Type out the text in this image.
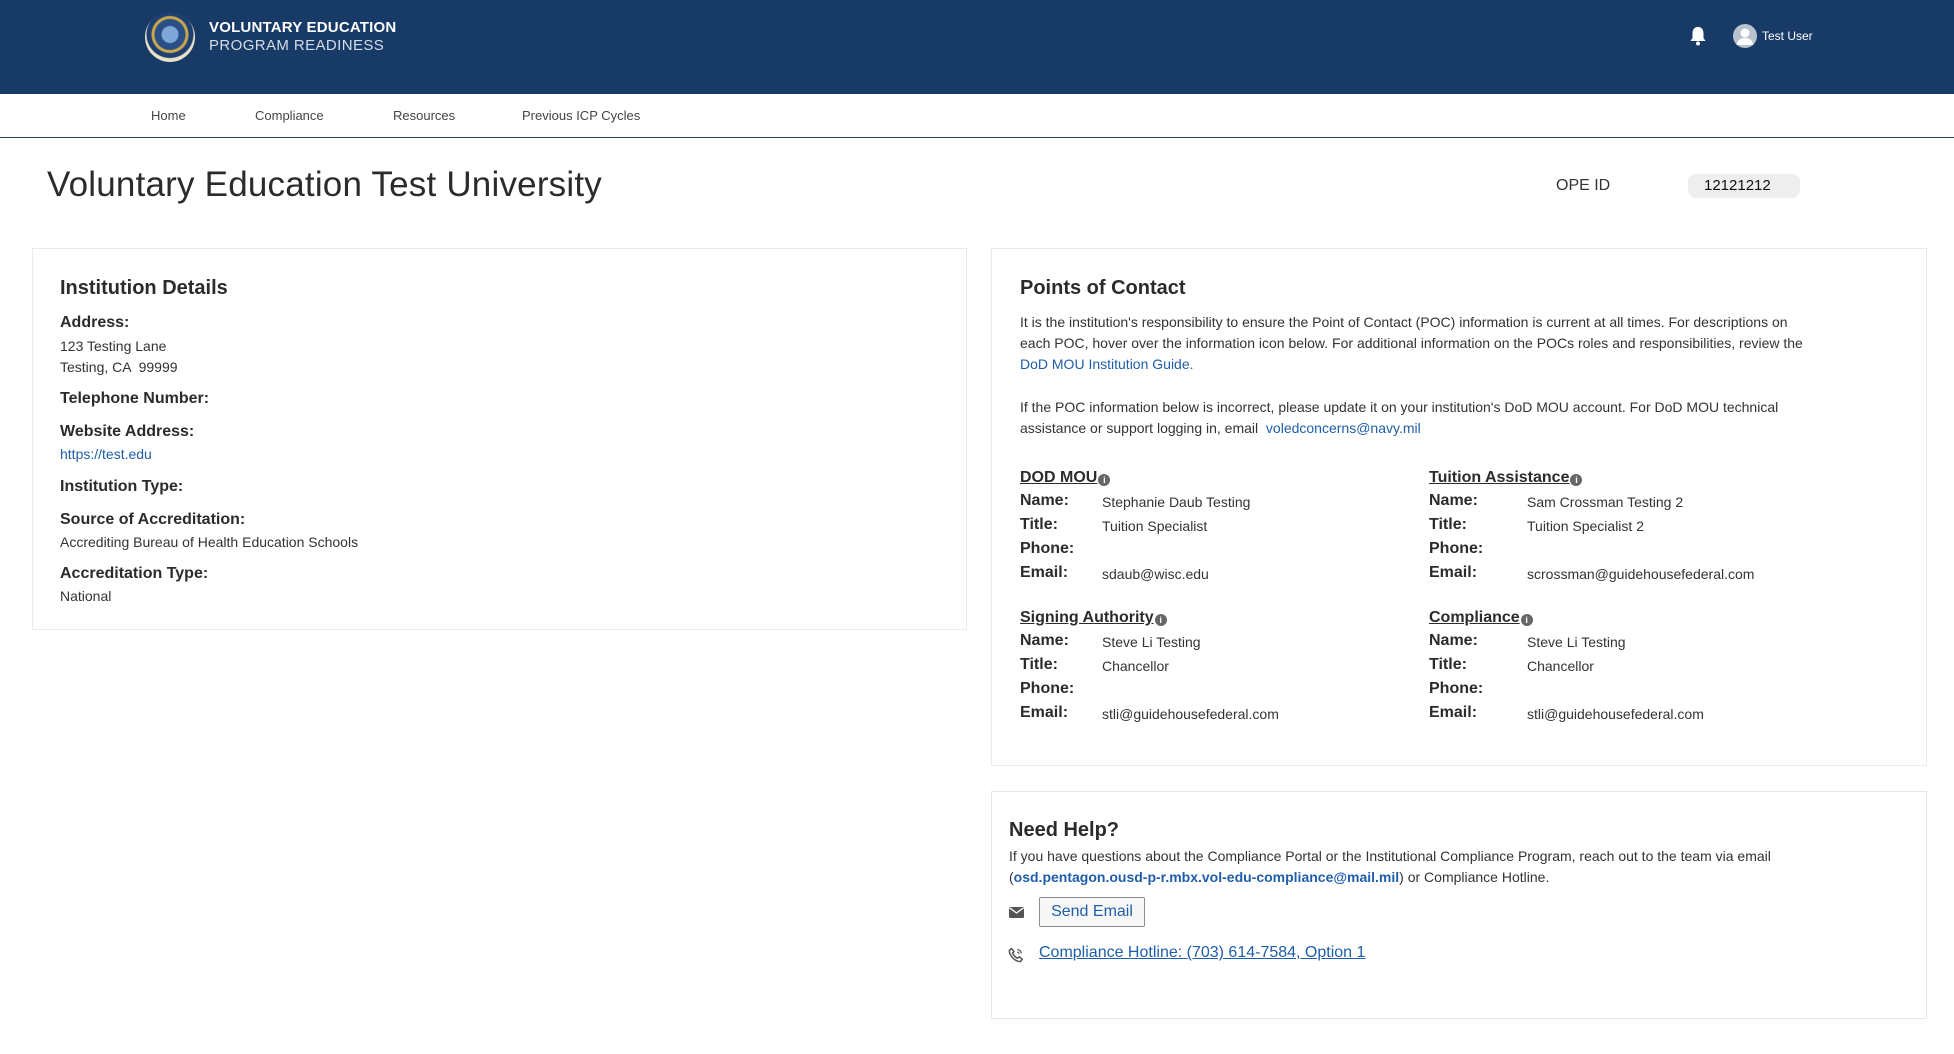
VOLUNTARY EDUCATION
PROGRAM READINESS
Test User
Home	Compliance	Resources	Previous ICP Cycles
Voluntary Education Test University	OPE ID	12121212
Institution Details
Address:
123 Testing Lane
Testing, CA  99999
Telephone Number:
Website Address:
https://test.edu
Institution Type:
Source of Accreditation:
Accrediting Bureau of Health Education Schools
Accreditation Type:
National
Points of Contact
It is the institution's responsibility to ensure the Point of Contact (POC) information is current at all times. For descriptions on
each POC, hover over the information icon below. For additional information on the POCs roles and responsibilities, review the
DoD MOU Institution Guide.
If the POC information below is incorrect, please update it on your institution's DoD MOU account. For DoD MOU technical
assistance or support logging in, email voledconcerns@navy.mil
DOD MOU i
Name: Stephanie Daub Testing
Title:	Tuition Specialist
Phone:
Email: sdaub@wisc.edu
Tuition Assistance i
Name:	Sam Crossman Testing 2
Title:	Tuition Specialist 2
Phone:
Email:	scrossman@guidehousefederal.com
Signing Authority i
Name: Steve Li Testing
Title:	Chancellor
Phone:
Email: stli@guidehousefederal.com
Compliance i
Name:	Steve Li Testing
Title:	Chancellor
Phone:
Email:	stli@guidehousefederal.com
Need Help?
If you have questions about the Compliance Portal or the Institutional Compliance Program, reach out to the team via email
(osd.pentagon.ousd-p-r.mbx.vol-edu-compliance@mail.mil) or Compliance Hotline.
Send Email
Compliance Hotline: (703) 614-7584, Option 1
